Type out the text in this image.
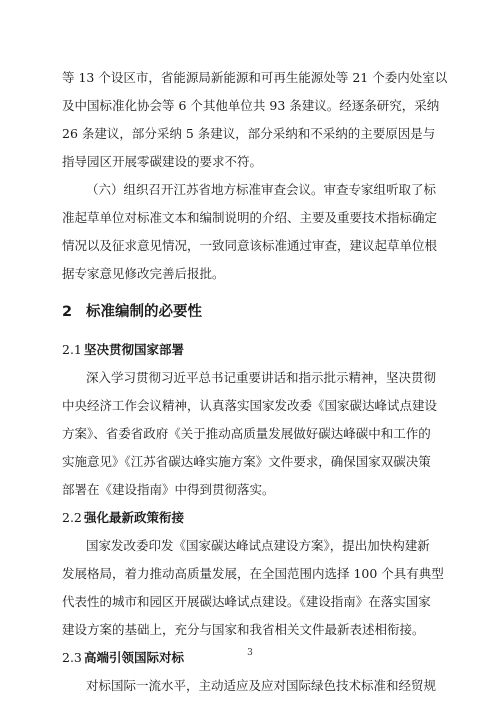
等 13 个设区市，省能源局新能源和可再生能源处等 21 个委内处室以
及中国标准化协会等 6 个其他单位共 93 条建议。经逐条研究，采纳
26 条建议，部分采纳 5 条建议，部分采纳和不采纳的主要原因是与
指导园区开展零碳建设的要求不符。

（六）组织召开江苏省地方标准审查会议。审查专家组听取了标
准起草单位对标准文本和编制说明的介绍、主要及重要技术指标确定
情况以及征求意见情况，一致同意该标准通过审查，建议起草单位根
据专家意见修改完善后报批。

2 标准编制的必要性
2.1 坚决贯彻国家部署

深入学习贯彻习近平总书记重要讲话和指示批示精神，坚决贯彻
中央经济工作会议精神，认真落实国家发改委《国家碳达峰试点建设
方案》、省委省政府《关于推动高质量发展做好碳达峰碳中和工作的
实施意见》《江苏省碳达峰实施方案》文件要求，确保国家双碳决策
部署在《建设指南》中得到贯彻落实。

2.2 强化最新政策衔接

国家发改委印发《国家碳达峰试点建设方案》，提出加快构建新
发展格局，着力推动高质量发展，在全国范围内选择 100 个具有典型
代表性的城市和园区开展碳达峰试点建设。《建设指南》在落实国家
建设方案的基础上，充分与国家和我省相关文件最新表述相衔接。

2.3 高端引领国际对标

对标国际一流水平，主动适应及应对国际绿色技术标准和经贸规

3
